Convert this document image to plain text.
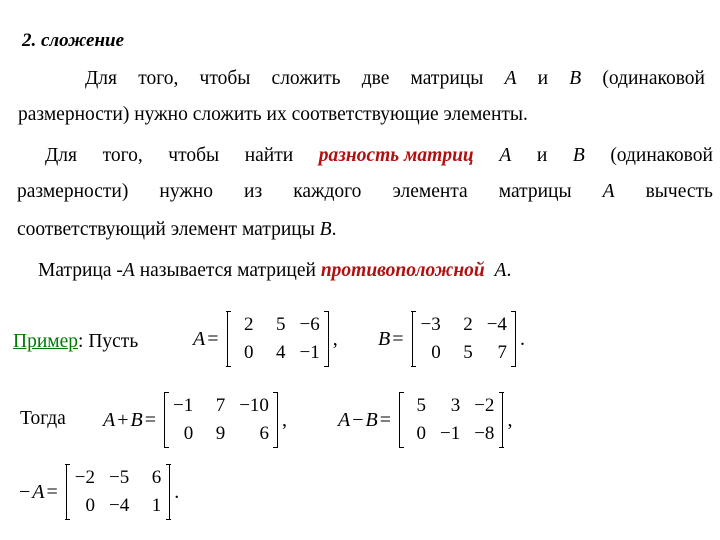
2. сложение
Для того, чтобы сложить две матрицы A и B (одинаковой
размерности) нужно сложить их соответствующие элементы.
Для того, чтобы найти разность матриц A и B (одинаковой
размерности) нужно из каждого элемента матрицы A вычесть
соответствующий элемент матрицы B.
Матрица -A называется матрицей противоположной A.
Пример: Пусть	A =
2	5 −6
0	4 −1
, B =
−3	2 −4
0	5	7
.
Тогда A + B =
−1	7 −10
0	9	6
,	A − B =
5	3 −2
0 −1 −8
,
− A =
−2 −5	6
0 −4	1
.
